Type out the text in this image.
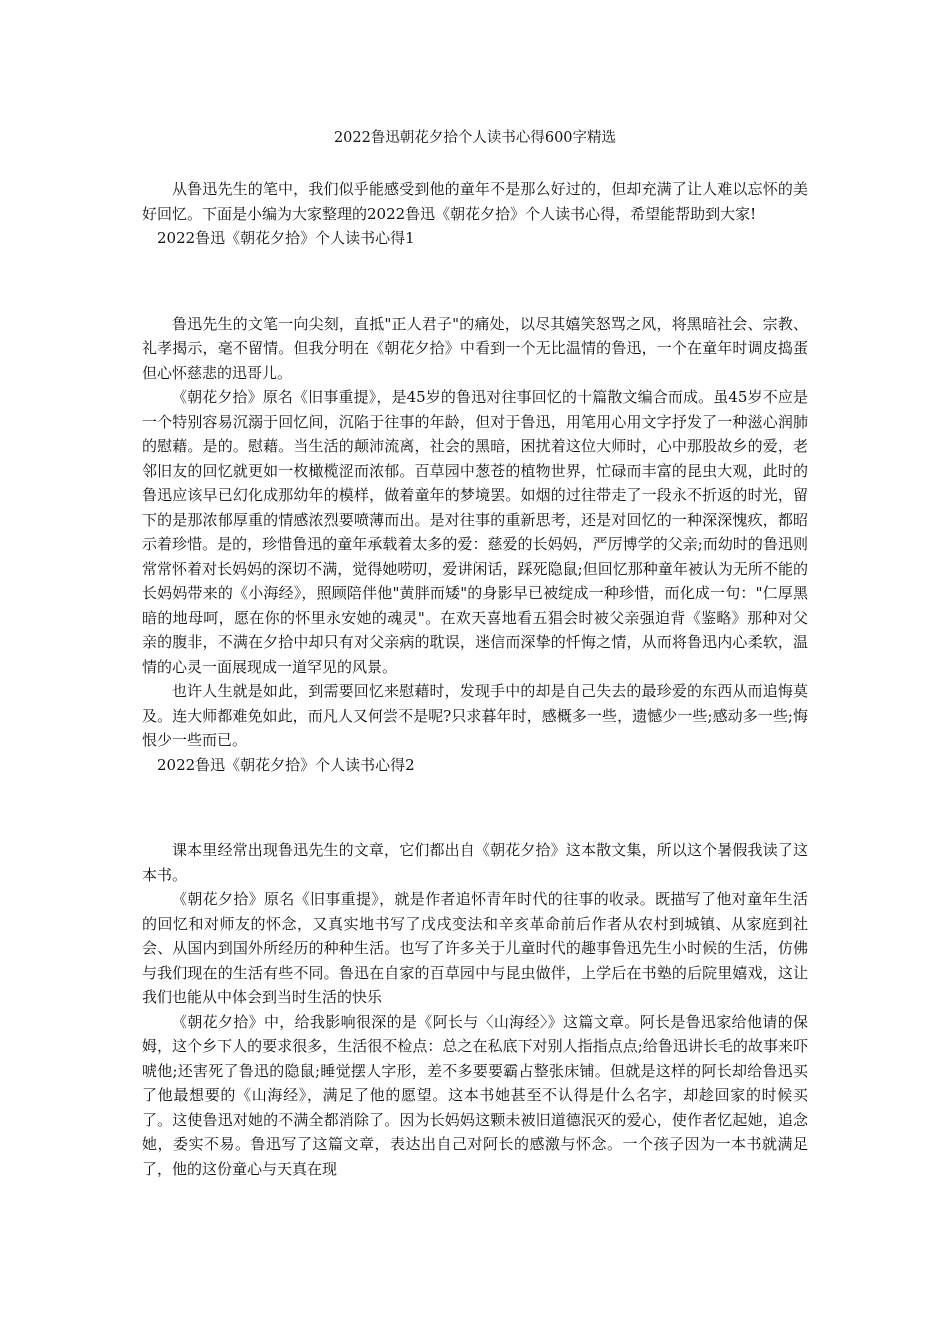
2022鲁迅朝花夕拾个人读书心得600字精选

从鲁迅先生的笔中，我们似乎能感受到他的童年不是那么好过的，但却充满了让人难以忘怀的美好回忆。下面是小编为大家整理的2022鲁迅《朝花夕拾》个人读书心得，希望能帮助到大家!

2022鲁迅《朝花夕拾》个人读书心得1

鲁迅先生的文笔一向尖刻，直抵"正人君子"的痛处，以尽其嬉笑怒骂之风，将黑暗社会、宗教、礼孝揭示，毫不留情。但我分明在《朝花夕拾》中看到一个无比温情的鲁迅，一个在童年时调皮捣蛋但心怀慈悲的迅哥儿。

《朝花夕拾》原名《旧事重提》，是45岁的鲁迅对往事回忆的十篇散文编合而成。虽45岁不应是一个特别容易沉溺于回忆间，沉陷于往事的年龄，但对于鲁迅，用笔用心用文字抒发了一种滋心润肺的慰藉。是的。慰藉。当生活的颠沛流离，社会的黑暗，困扰着这位大师时，心中那股故乡的爱，老邻旧友的回忆就更如一枚橄榄涩而浓郁。百草园中葱苍的植物世界，忙碌而丰富的昆虫大观，此时的鲁迅应该早已幻化成那幼年的模样，做着童年的梦境罢。如烟的过往带走了一段永不折返的时光，留下的是那浓郁厚重的情感浓烈要喷薄而出。是对往事的重新思考，还是对回忆的一种深深愧疚，都昭示着珍惜。是的，珍惜鲁迅的童年承载着太多的爱：慈爱的长妈妈，严厉博学的父亲;而幼时的鲁迅则常常怀着对长妈妈的深切不满，觉得她唠叨，爱讲闲话，踩死隐鼠;但回忆那种童年被认为无所不能的长妈妈带来的《小海经》，照顾陪伴他"黄胖而矮"的身影早已被绽成一种珍惜，而化成一句："仁厚黑暗的地母呵，愿在你的怀里永安她的魂灵"。在欢天喜地看五猖会时被父亲强迫背《鉴略》那种对父亲的腹非，不满在夕拾中却只有对父亲病的耽误，迷信而深挚的忏悔之情，从而将鲁迅内心柔软，温情的心灵一面展现成一道罕见的风景。

也许人生就是如此，到需要回忆来慰藉时，发现手中的却是自己失去的最珍爱的东西从而追悔莫及。连大师都难免如此，而凡人又何尝不是呢?只求暮年时，感概多一些，遗憾少一些;感动多一些;悔恨少一些而已。

2022鲁迅《朝花夕拾》个人读书心得2

课本里经常出现鲁迅先生的文章，它们都出自《朝花夕拾》这本散文集，所以这个暑假我读了这本书。

《朝花夕拾》原名《旧事重提》，就是作者追怀青年时代的往事的收录。既描写了他对童年生活的回忆和对师友的怀念，又真实地书写了戊戌变法和辛亥革命前后作者从农村到城镇、从家庭到社会、从国内到国外所经历的种种生活。也写了许多关于儿童时代的趣事鲁迅先生小时候的生活，仿佛与我们现在的生活有些不同。鲁迅在自家的百草园中与昆虫做伴，上学后在书塾的后院里嬉戏，这让我们也能从中体会到当时生活的快乐

《朝花夕拾》中，给我影响很深的是《阿长与〈山海经〉》这篇文章。阿长是鲁迅家给他请的保姆，这个乡下人的要求很多，生活很不检点：总之在私底下对别人指指点点;给鲁迅讲长毛的故事来吓唬他;还害死了鲁迅的隐鼠;睡觉摆人字形，差不多要要霸占整张床铺。但就是这样的阿长却给鲁迅买了他最想要的《山海经》，满足了他的愿望。这本书她甚至不认得是什么名字，却趁回家的时候买了。这使鲁迅对她的不满全都消除了。因为长妈妈这颗未被旧道德泯灭的爱心，使作者忆起她，追念她，委实不易。鲁迅写了这篇文章，表达出自己对阿长的感激与怀念。一个孩子因为一本书就满足了，他的这份童心与天真在现
